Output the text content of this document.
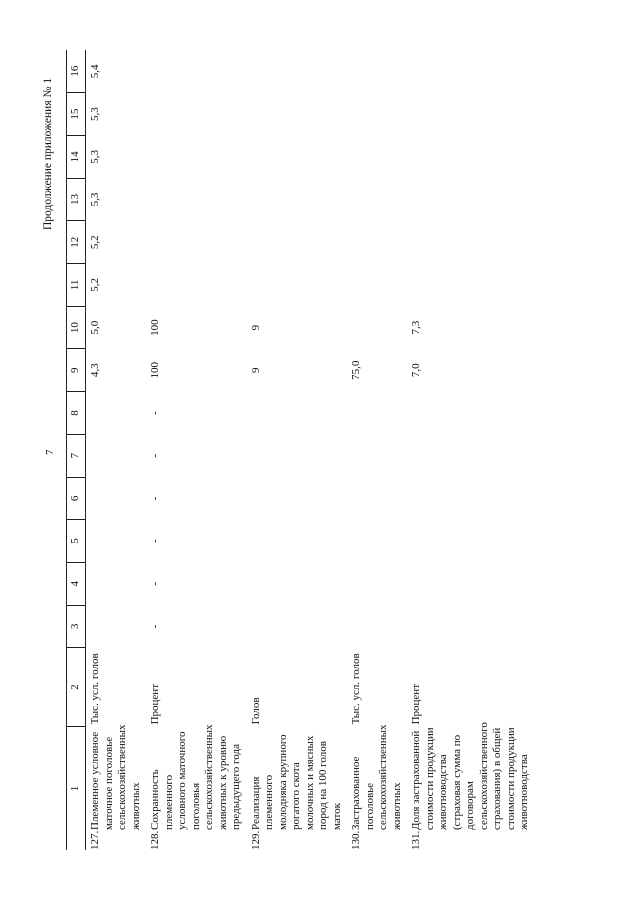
7
Продолжение приложения № 1
1	2	3	4	5	6	7	8	9	10	11	12	13	14	15	16

127.
Племенное условное маточное поголовье сельскохозяйственных животных	Тыс. усл. голов							4,3	5,0	5,2	5,2	5,3	5,3	5,3	5,4

128.
Сохранность племенного условного маточного поголовья сельскохозяйственных животных к уровню предыдущего года	Процент	-	-	-	-	-	-	100	100						

129.
Реализация племенного молодняка крупного рогатого скота молочных и мясных пород на 100 голов маток	Голов							9	9						

130.
Застрахованное поголовье сельскохозяйственных животных	Тыс. усл. голов							75,0							

131.
Доля застрахованной стоимости продукции животноводства (страховая сумма по договорам сельскохозяйственного страхования) в общей стоимости продукции животноводства	Процент							7,0	7,3						
